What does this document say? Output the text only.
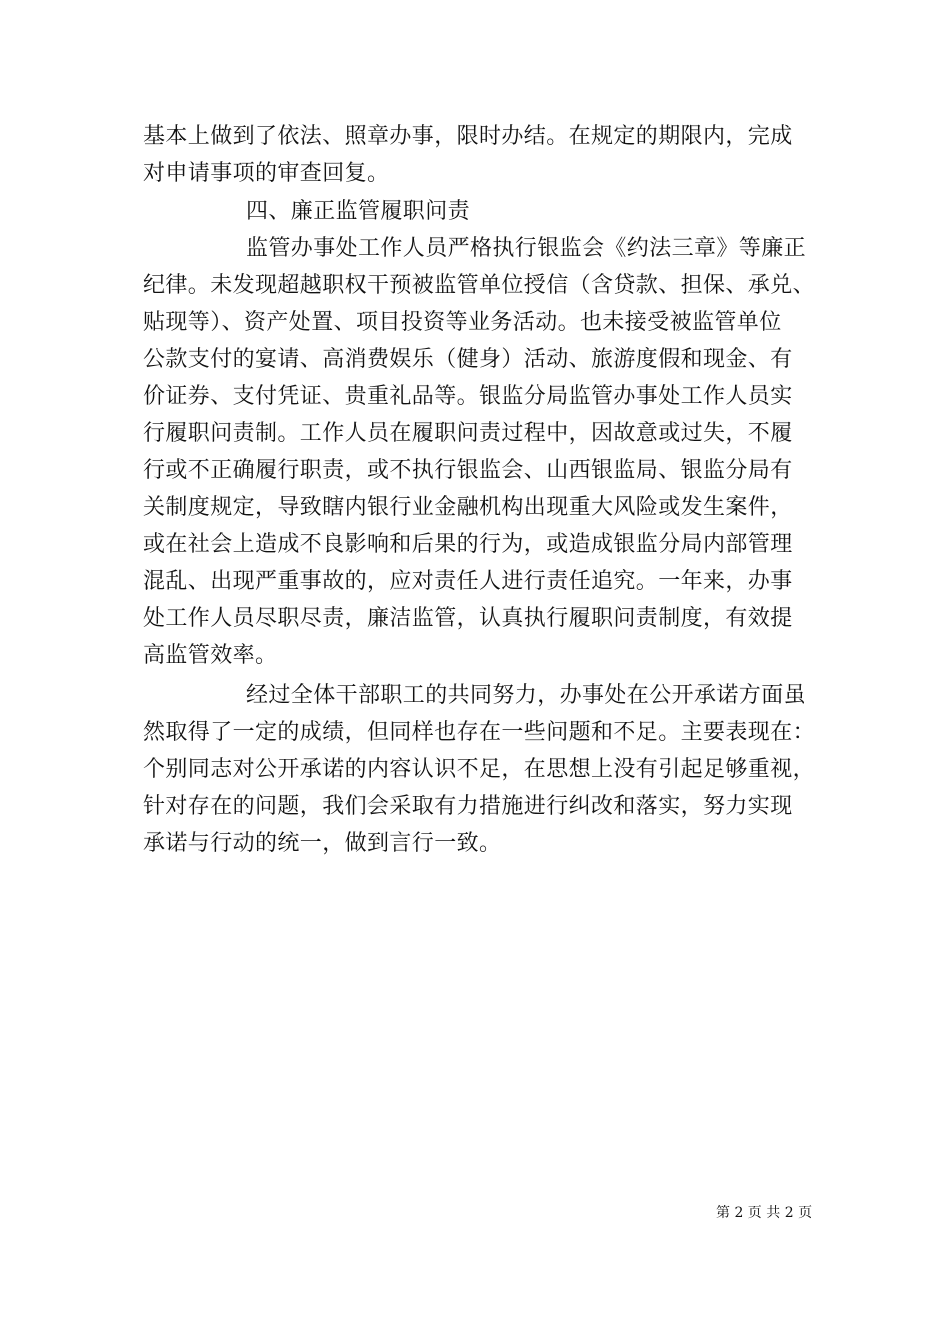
基本上做到了依法、照章办事，限时办结。在规定的期限内，完成
对申请事项的审查回复。
四、廉正监管履职问责
监管办事处工作人员严格执行银监会《约法三章》等廉正
纪律。未发现超越职权干预被监管单位授信（含贷款、担保、承兑、
贴现等）、资产处置、项目投资等业务活动。也未接受被监管单位
公款支付的宴请、高消费娱乐（健身）活动、旅游度假和现金、有
价证券、支付凭证、贵重礼品等。银监分局监管办事处工作人员实
行履职问责制。工作人员在履职问责过程中，因故意或过失，不履
行或不正确履行职责，或不执行银监会、山西银监局、银监分局有
关制度规定，导致瞎内银行业金融机构出现重大风险或发生案件，
或在社会上造成不良影响和后果的行为，或造成银监分局内部管理
混乱、出现严重事故的，应对责任人进行责任追究。一年来，办事
处工作人员尽职尽责，廉洁监管，认真执行履职问责制度，有效提
高监管效率。
经过全体干部职工的共同努力，办事处在公开承诺方面虽
然取得了一定的成绩，但同样也存在一些问题和不足。主要表现在：
个别同志对公开承诺的内容认识不足，在思想上没有引起足够重视，
针对存在的问题，我们会采取有力措施进行纠改和落实，努力实现
承诺与行动的统一，做到言行一致。
第 2 页 共 2 页
